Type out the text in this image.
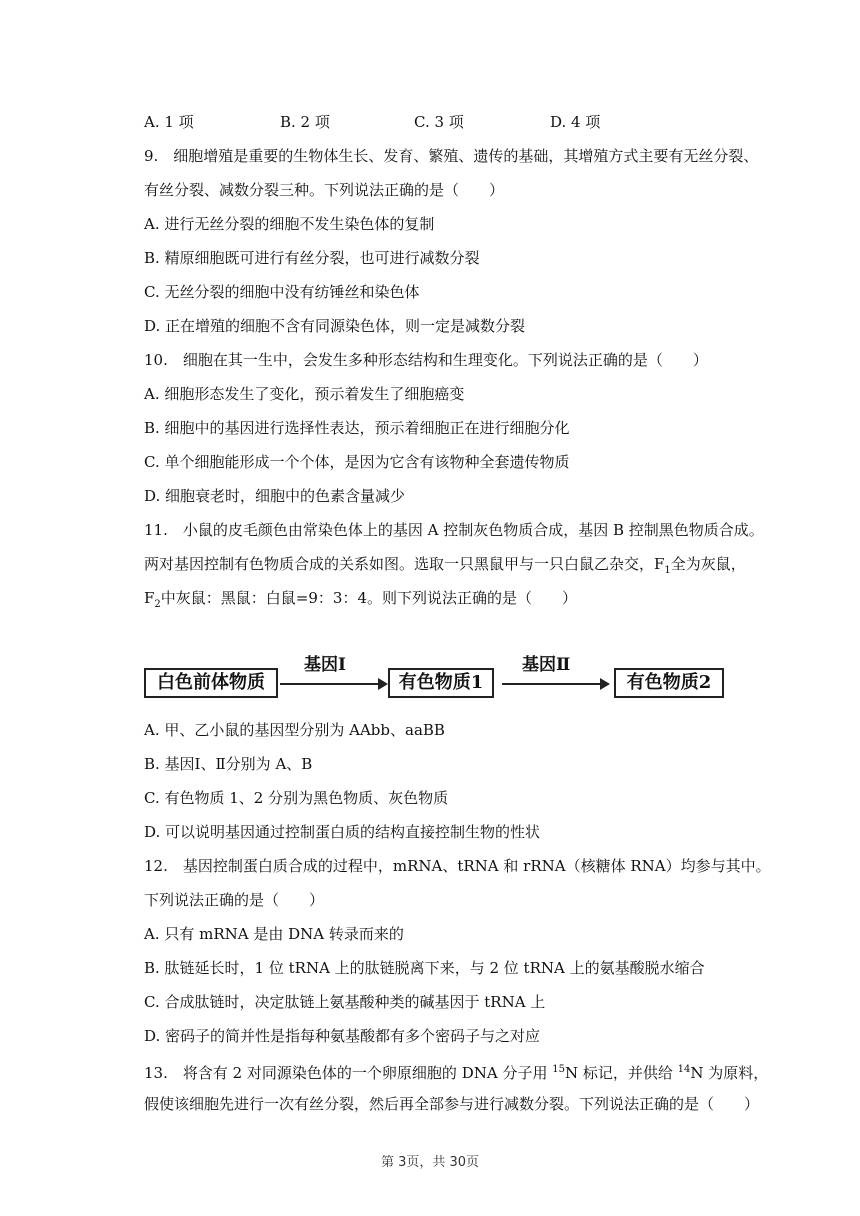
A. 1 项	B. 2 项	C. 3 项	D. 4 项
9.　细胞增殖是重要的生物体生长、发育、繁殖、遗传的基础，其增殖方式主要有无丝分裂、
有丝分裂、减数分裂三种。下列说法正确的是（　　）
A. 进行无丝分裂的细胞不发生染色体的复制
B. 精原细胞既可进行有丝分裂，也可进行减数分裂
C. 无丝分裂的细胞中没有纺锤丝和染色体
D. 正在增殖的细胞不含有同源染色体，则一定是减数分裂
10.　细胞在其一生中，会发生多种形态结构和生理变化。下列说法正确的是（　　）
A. 细胞形态发生了变化，预示着发生了细胞癌变
B. 细胞中的基因进行选择性表达，预示着细胞正在进行细胞分化
C. 单个细胞能形成一个个体，是因为它含有该物种全套遗传物质
D. 细胞衰老时，细胞中的色素含量减少
11.　小鼠的皮毛颜色由常染色体上的基因 A 控制灰色物质合成，基因 B 控制黑色物质合成。
两对基因控制有色物质合成的关系如图。选取一只黑鼠甲与一只白鼠乙杂交，$F_1$全为灰鼠，
$F_2$中灰鼠：黑鼠：白鼠=9：3：4。则下列说法正确的是（　　）
白色前体物质
基因Ⅰ
有色物质1
基因Ⅱ
有色物质2
A. 甲、乙小鼠的基因型分别为 AAbb、aaBB
B. 基因Ⅰ、Ⅱ分别为 A、B
C. 有色物质 1、2 分别为黑色物质、灰色物质
D. 可以说明基因通过控制蛋白质的结构直接控制生物的性状
12.　基因控制蛋白质合成的过程中，mRNA、tRNA 和 rRNA（核糖体 RNA）均参与其中。
下列说法正确的是（　　）
A. 只有 mRNA 是由 DNA 转录而来的
B. 肽链延长时，1 位 tRNA 上的肽链脱离下来，与 2 位 tRNA 上的氨基酸脱水缩合
C. 合成肽链时，决定肽链上氨基酸种类的碱基因于 tRNA 上
D. 密码子的简并性是指每种氨基酸都有多个密码子与之对应
13.　将含有 2 对同源染色体的一个卵原细胞的 DNA 分子用 $^{15}$N 标记，并供给 $^{14}$N 为原料，
假使该细胞先进行一次有丝分裂，然后再全部参与进行减数分裂。下列说法正确的是（　　）
第 3页，共 30页
